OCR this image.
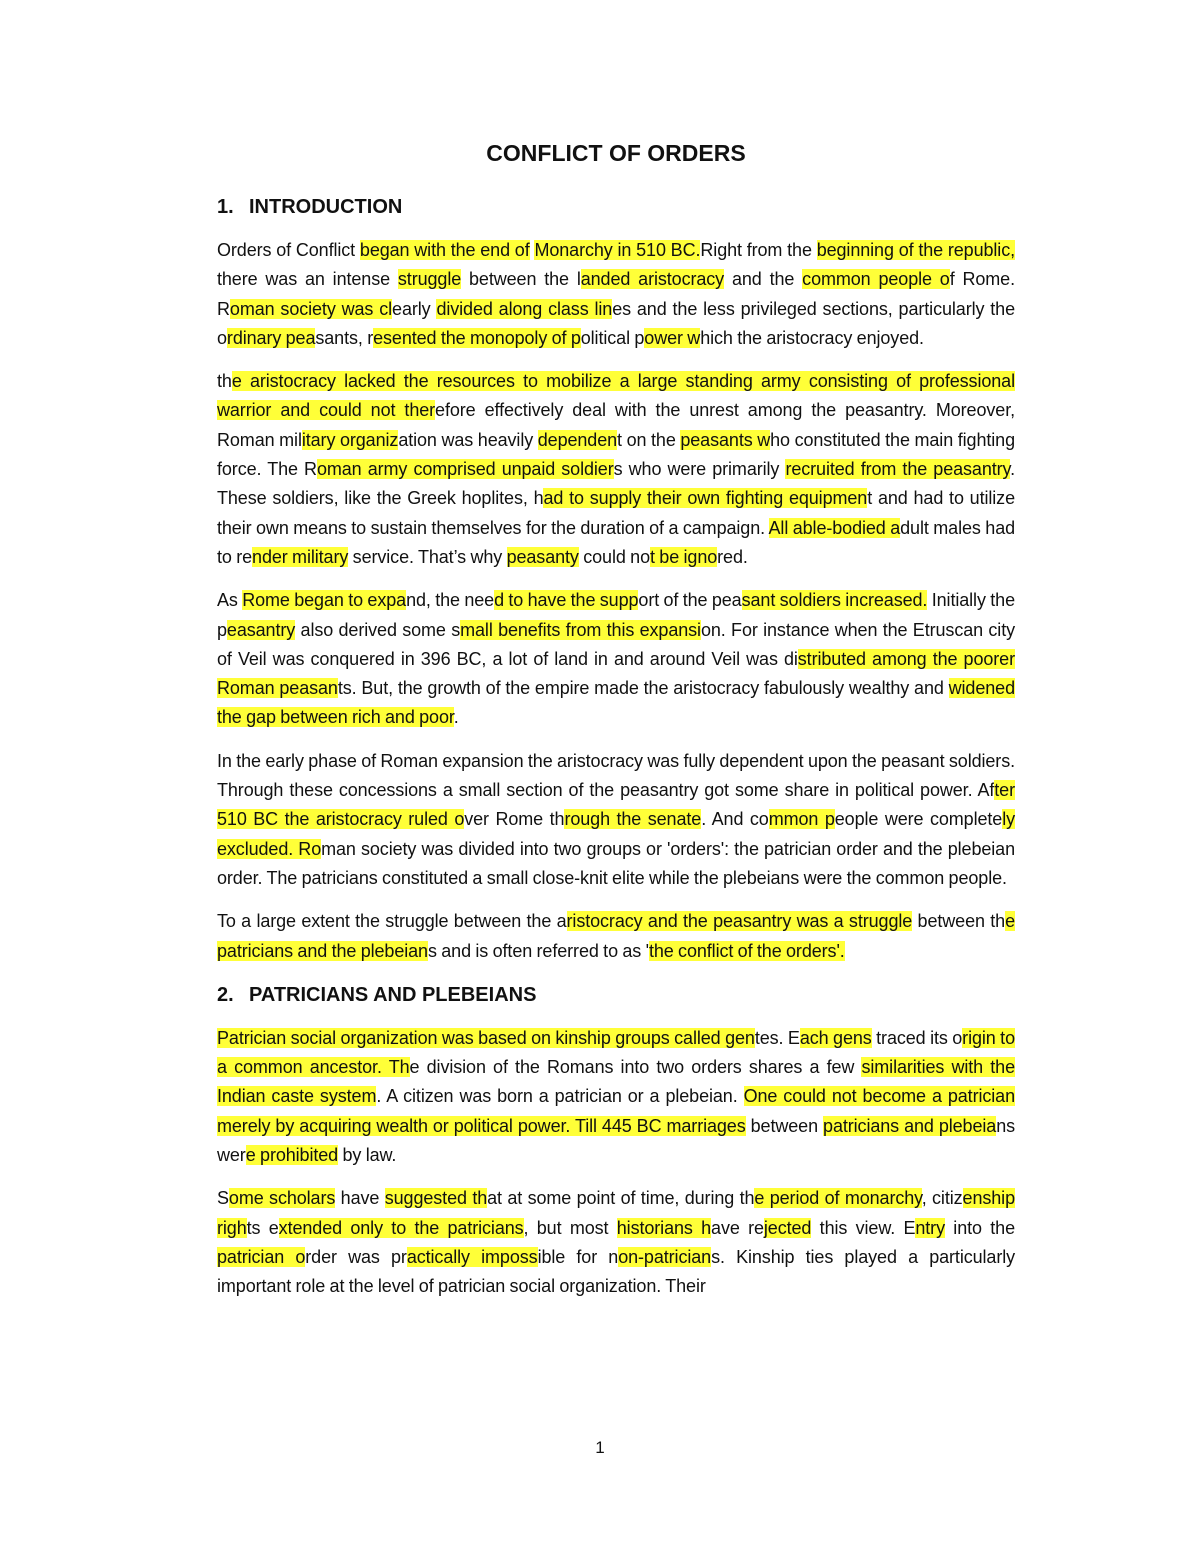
CONFLICT OF ORDERS
1. INTRODUCTION

Orders of Conflict began with the end of Monarchy in 510 BC.Right from the beginning of the republic, there was an intense struggle between the landed aristocracy and the common people of Rome. Roman society was clearly divided along class lines and the less privileged sections, particularly the ordinary peasants, resented the monopoly of political power which the aristocracy enjoyed.

the aristocracy lacked the resources to mobilize a large standing army consisting of professional warrior and could not therefore effectively deal with the unrest among the peasantry. Moreover, Roman military organization was heavily dependent on the peasants who constituted the main fighting force. The Roman army comprised unpaid soldiers who were primarily recruited from the peasantry. These soldiers, like the Greek hoplites, had to supply their own fighting equipment and had to utilize their own means to sustain themselves for the duration of a campaign. All able-bodied adult males had to render military service. That’s why peasanty could not be ignored.

As Rome began to expand, the need to have the support of the peasant soldiers increased. Initially the peasantry also derived some small benefits from this expansion. For instance when the Etruscan city of Veil was conquered in 396 BC, a lot of land in and around Veil was distributed among the poorer Roman peasants. But, the growth of the empire made the aristocracy fabulously wealthy and widened the gap between rich and poor.

In the early phase of Roman expansion the aristocracy was fully dependent upon the peasant soldiers. Through these concessions a small section of the peasantry got some share in political power. After 510 BC the aristocracy ruled over Rome through the senate. And common people were completely excluded. Roman society was divided into two groups or 'orders': the patrician order and the plebeian order. The patricians constituted a small close-knit elite while the plebeians were the common people.

To a large extent the struggle between the aristocracy and the peasantry was a struggle between the patricians and the plebeians and is often referred to as 'the conflict of the orders'.

2. PATRICIANS AND PLEBEIANS

Patrician social organization was based on kinship groups called gentes. Each gens traced its origin to a common ancestor. The division of the Romans into two orders shares a few similarities with the Indian caste system. A citizen was born a patrician or a plebeian. One could not become a patrician merely by acquiring wealth or political power. Till 445 BC marriages between patricians and plebeians were prohibited by law.

Some scholars have suggested that at some point of time, during the period of monarchy, citizenship rights extended only to the patricians, but most historians have rejected this view. Entry into the patrician order was practically impossible for non-patricians. Kinship ties played a particularly important role at the level of patrician social organization. Their

1
